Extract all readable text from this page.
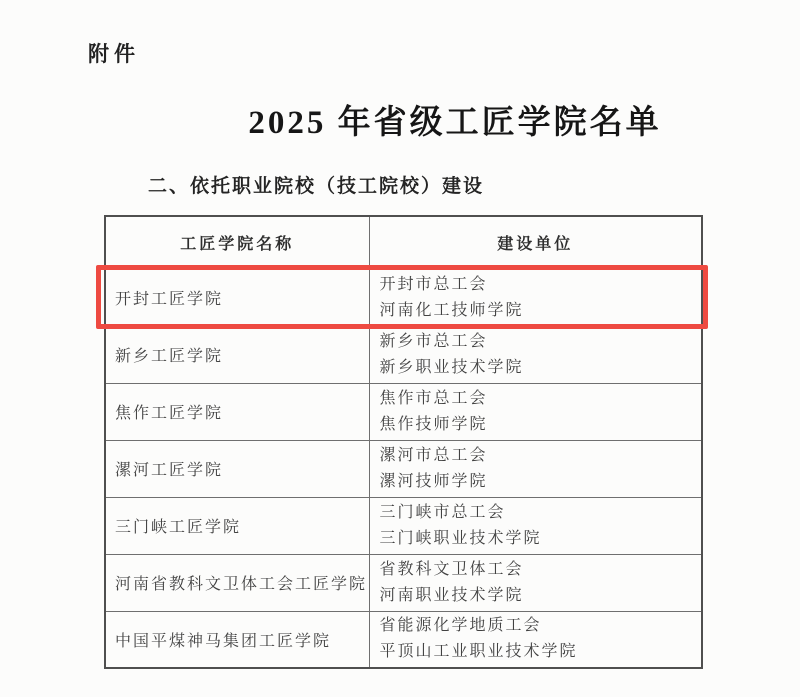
附件
2025 年省级工匠学院名单
二、依托职业院校（技工院校）建设
工匠学院名称	建设单位
开封工匠学院	开封市总工会
河南化工技师学院

新乡工匠学院	新乡市总工会
新乡职业技术学院

焦作工匠学院	焦作市总工会
焦作技师学院

漯河工匠学院	漯河市总工会
漯河技师学院

三门峡工匠学院	三门峡市总工会
三门峡职业技术学院

河南省教科文卫体工会工匠学院	省教科文卫体工会
河南职业技术学院

中国平煤神马集团工匠学院	省能源化学地质工会
平顶山工业职业技术学院
